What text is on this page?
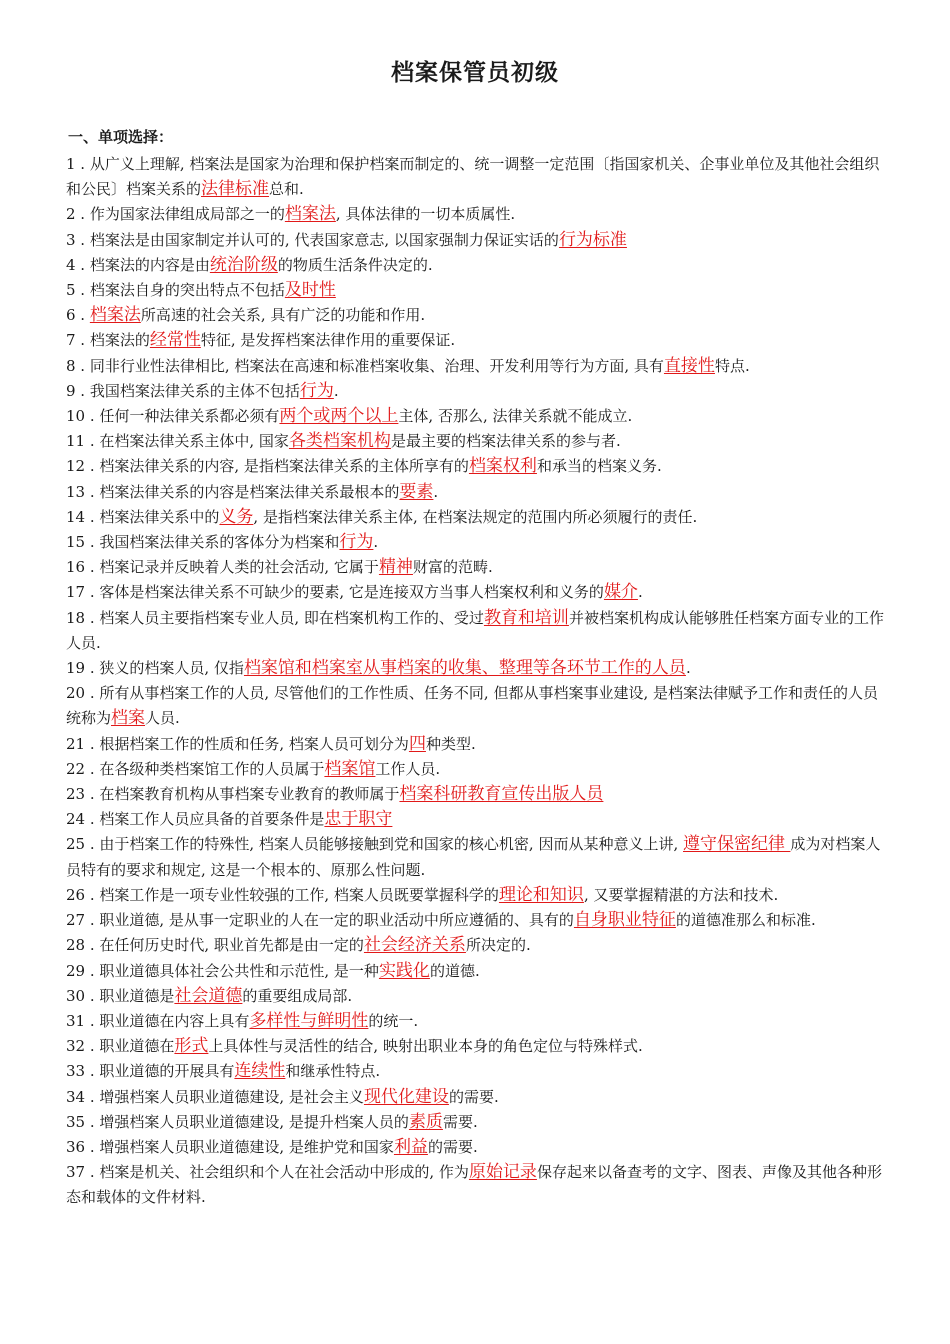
档案保管员初级
一、单项选择：

1 . 从广义上理解, 档案法是国家为治理和保护档案而制定的、统一调整一定范围〔指国家机关、企事业单位及其他社会组织和公民〕档案关系的法律标准总和.

2 . 作为国家法律组成局部之一的档案法, 具体法律的一切本质属性.

3 . 档案法是由国家制定并认可的, 代表国家意志, 以国家强制力保证实话的行为标准

4 . 档案法的内容是由统治阶级的物质生活条件决定的.

5 . 档案法自身的突出特点不包括及时性

6 . 档案法所高速的社会关系, 具有广泛的功能和作用.

7 . 档案法的经常性特征, 是发挥档案法律作用的重要保证.

8 . 同非行业性法律相比, 档案法在高速和标准档案收集、治理、开发利用等行为方面, 具有直接性特点.

9 . 我国档案法律关系的主体不包括行为.

10 . 任何一种法律关系都必须有两个或两个以上主体, 否那么, 法律关系就不能成立.

11 . 在档案法律关系主体中, 国家各类档案机构是最主要的档案法律关系的参与者.

12 . 档案法律关系的内容, 是指档案法律关系的主体所享有的档案权利和承当的档案义务.

13 . 档案法律关系的内容是档案法律关系最根本的要素.

14 . 档案法律关系中的义务, 是指档案法律关系主体, 在档案法规定的范围内所必须履行的责任.

15 . 我国档案法律关系的客体分为档案和行为.

16 . 档案记录并反映着人类的社会活动, 它属于精神财富的范畴.

17 . 客体是档案法律关系不可缺少的要素, 它是连接双方当事人档案权利和义务的媒介.

18 . 档案人员主要指档案专业人员, 即在档案机构工作的、受过教育和培训并被档案机构成认能够胜任档案方面专业的工作人员.

19 . 狭义的档案人员, 仅指档案馆和档案室从事档案的收集、整理等各环节工作的人员.

20 . 所有从事档案工作的人员, 尽管他们的工作性质、任务不同, 但都从事档案事业建设, 是档案法律赋予工作和责任的人员统称为档案人员.

21 . 根据档案工作的性质和任务, 档案人员可划分为四种类型.

22 . 在各级种类档案馆工作的人员属于档案馆工作人员.

23 . 在档案教育机构从事档案专业教育的教师属于档案科研教育宣传出版人员

24 . 档案工作人员应具备的首要条件是忠于职守

25 . 由于档案工作的特殊性, 档案人员能够接触到党和国家的核心机密, 因而从某种意义上讲, 遵守保密纪律 成为对档案人员特有的要求和规定, 这是一个根本的、原那么性问题.

26 . 档案工作是一项专业性较强的工作, 档案人员既要掌握科学的理论和知识, 又要掌握精湛的方法和技术.

27 . 职业道德, 是从事一定职业的人在一定的职业活动中所应遵循的、具有的自身职业特征的道德准那么和标准.

28 . 在任何历史时代, 职业首先都是由一定的社会经济关系所决定的.

29 . 职业道德具体社会公共性和示范性, 是一种实践化的道德.

30 . 职业道德是社会道德的重要组成局部.

31 . 职业道德在内容上具有多样性与鲜明性的统一.

32 . 职业道德在形式上具体性与灵活性的结合, 映射出职业本身的角色定位与特殊样式.

33 . 职业道德的开展具有连续性和继承性特点.

34 . 增强档案人员职业道德建设, 是社会主义现代化建设的需要.

35 . 增强档案人员职业道德建设, 是提升档案人员的素质需要.

36 . 增强档案人员职业道德建设, 是维护党和国家利益的需要.

37 . 档案是机关、社会组织和个人在社会活动中形成的, 作为原始记录保存起来以备查考的文字、图表、声像及其他各种形态和载体的文件材料.
